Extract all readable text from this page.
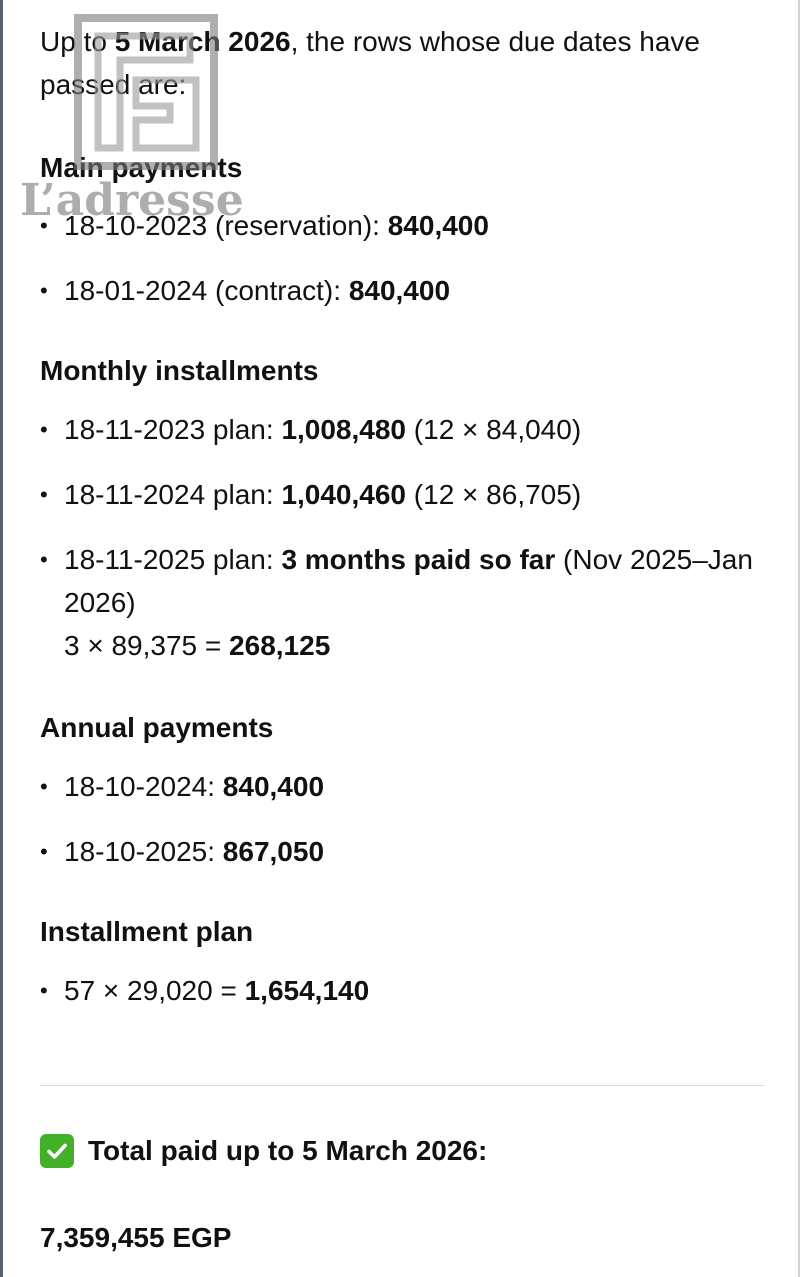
Up to 5 March 2026, the rows whose due dates have passed are:

Main payments
• 18-10-2023 (reservation): 840,400
• 18-01-2024 (contract): 840,400
Monthly installments
• 18-11-2023 plan: 1,008,480 (12 × 84,040)
• 18-11-2024 plan: 1,040,460 (12 × 86,705)
• 18-11-2025 plan: 3 months paid so far (Nov 2025–Jan 2026)
3 × 89,375 = 268,125
Annual payments
• 18-10-2024: 840,400
• 18-10-2025: 867,050
Installment plan
• 57 × 29,020 = 1,654,140
Total paid up to 5 March 2026:
7,359,455 EGP
L’adresse
